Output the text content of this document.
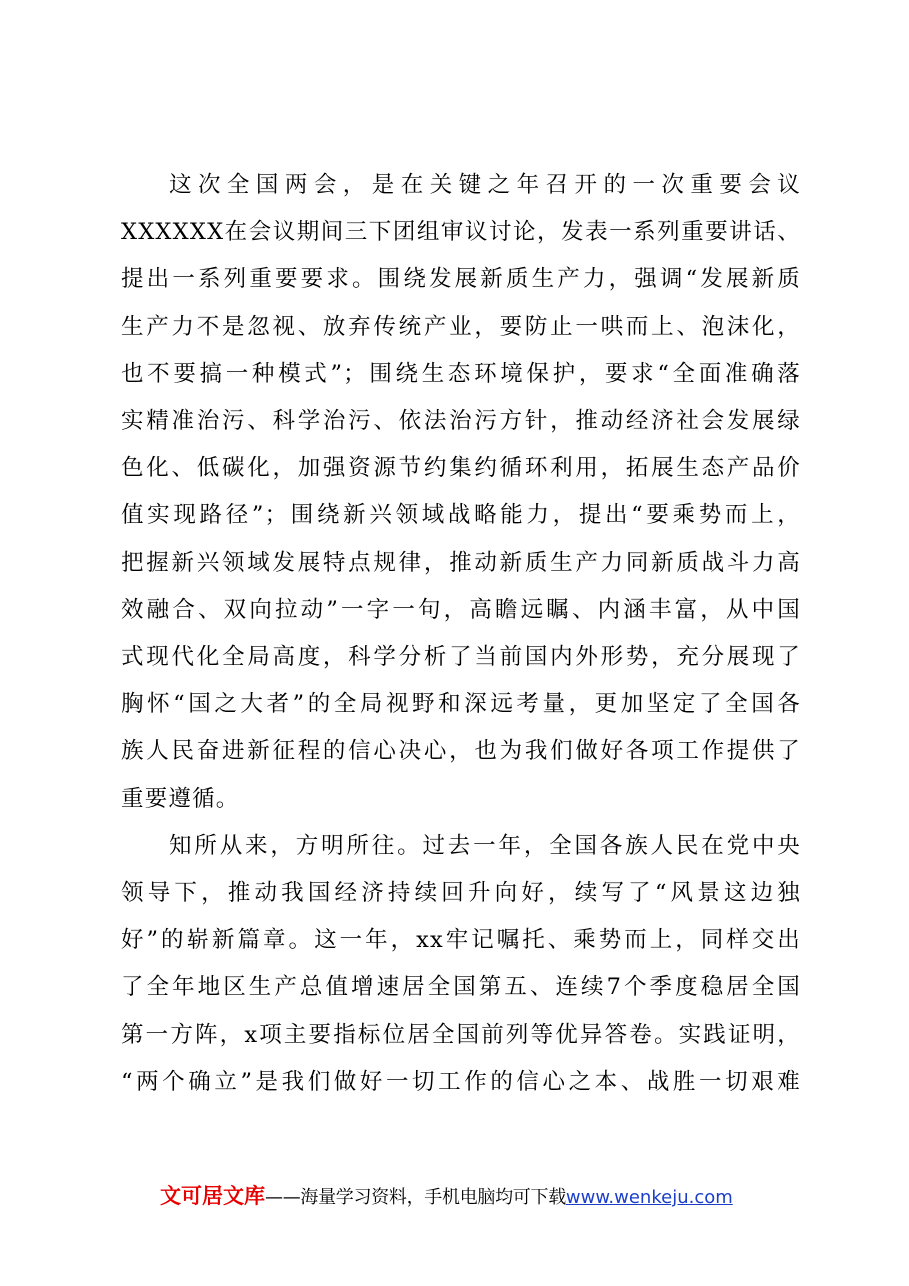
这次全国两会，是在关键之年召开的一次重要会议
XXXXXX在会议期间三下团组审议讨论，发表一系列重要讲话、
提出一系列重要要求。围绕发展新质生产力，强调“发展新质
生产力不是忽视、放弃传统产业，要防止一哄而上、泡沫化，
也不要搞一种模式”；围绕生态环境保护，要求“全面准确落
实精准治污、科学治污、依法治污方针，推动经济社会发展绿
色化、低碳化，加强资源节约集约循环利用，拓展生态产品价
值实现路径”；围绕新兴领域战略能力，提出“要乘势而上，
把握新兴领域发展特点规律，推动新质生产力同新质战斗力高
效融合、双向拉动”一字一句，高瞻远瞩、内涵丰富，从中国
式现代化全局高度，科学分析了当前国内外形势，充分展现了
胸怀“国之大者”的全局视野和深远考量，更加坚定了全国各
族人民奋进新征程的信心决心，也为我们做好各项工作提供了
重要遵循。
知所从来，方明所往。过去一年，全国各族人民在党中央
领导下，推动我国经济持续回升向好，续写了“风景这边独
好”的崭新篇章。这一年，xx牢记嘱托、乘势而上，同样交出
了全年地区生产总值增速居全国第五、连续7个季度稳居全国
第一方阵，x项主要指标位居全国前列等优异答卷。实践证明，
“两个确立”是我们做好一切工作的信心之本、战胜一切艰难
文可居文库——海量学习资料，手机电脑均可下载www.wenkeju.com
